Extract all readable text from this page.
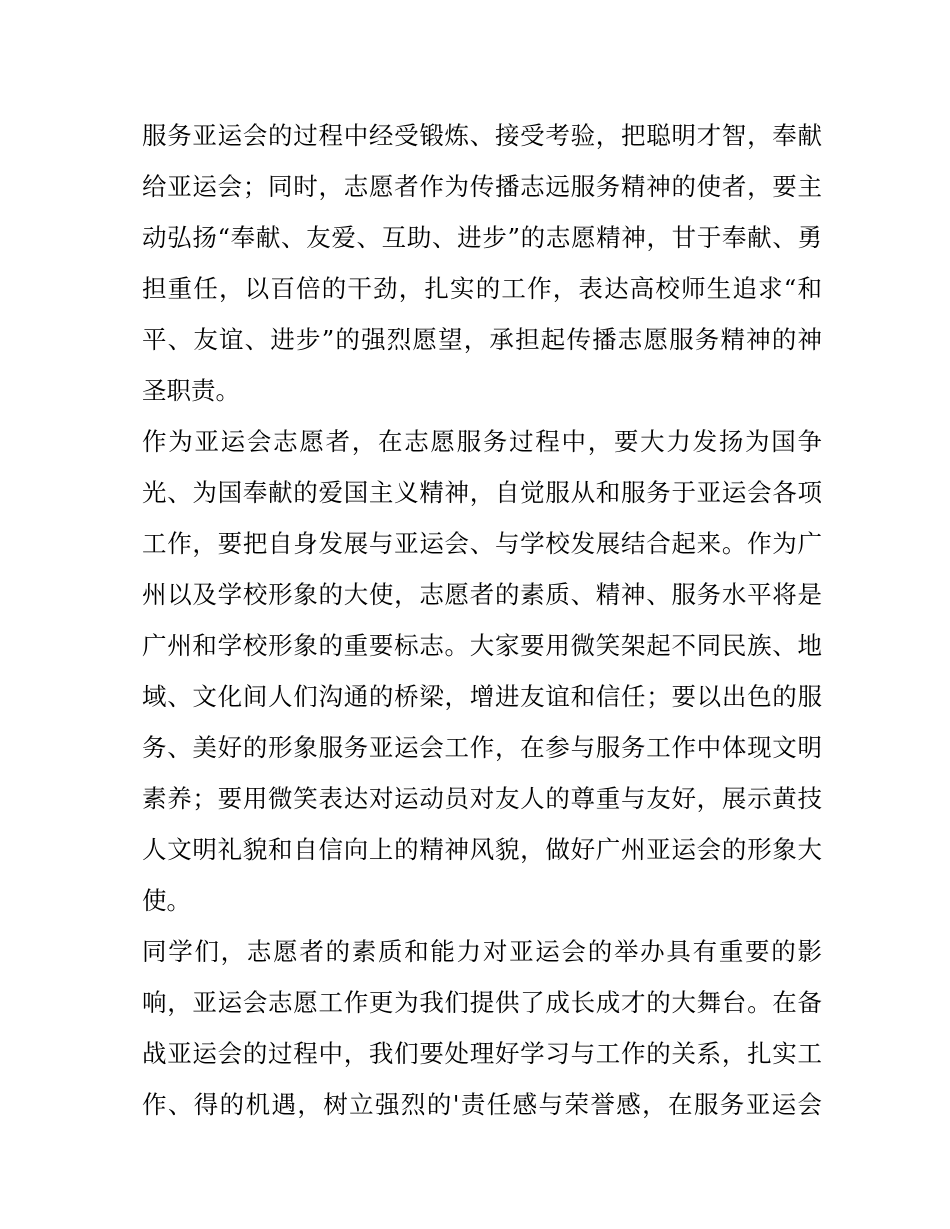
服务亚运会的过程中经受锻炼、接受考验，把聪明才智，奉献
给亚运会；同时，志愿者作为传播志远服务精神的使者，要主
动弘扬“奉献、友爱、互助、进步”的志愿精神，甘于奉献、勇
担重任，以百倍的干劲，扎实的工作，表达高校师生追求“和
平、友谊、进步”的强烈愿望，承担起传播志愿服务精神的神
圣职责。
作为亚运会志愿者，在志愿服务过程中，要大力发扬为国争
光、为国奉献的爱国主义精神，自觉服从和服务于亚运会各项
工作，要把自身发展与亚运会、与学校发展结合起来。作为广
州以及学校形象的大使，志愿者的素质、精神、服务水平将是
广州和学校形象的重要标志。大家要用微笑架起不同民族、地
域、文化间人们沟通的桥梁，增进友谊和信任；要以出色的服
务、美好的形象服务亚运会工作，在参与服务工作中体现文明
素养；要用微笑表达对运动员对友人的尊重与友好，展示黄技
人文明礼貌和自信向上的精神风貌，做好广州亚运会的形象大
使。
同学们，志愿者的素质和能力对亚运会的举办具有重要的影
响，亚运会志愿工作更为我们提供了成长成才的大舞台。在备
战亚运会的过程中，我们要处理好学习与工作的关系，扎实工
作、得的机遇，树立强烈的'责任感与荣誉感，在服务亚运会
